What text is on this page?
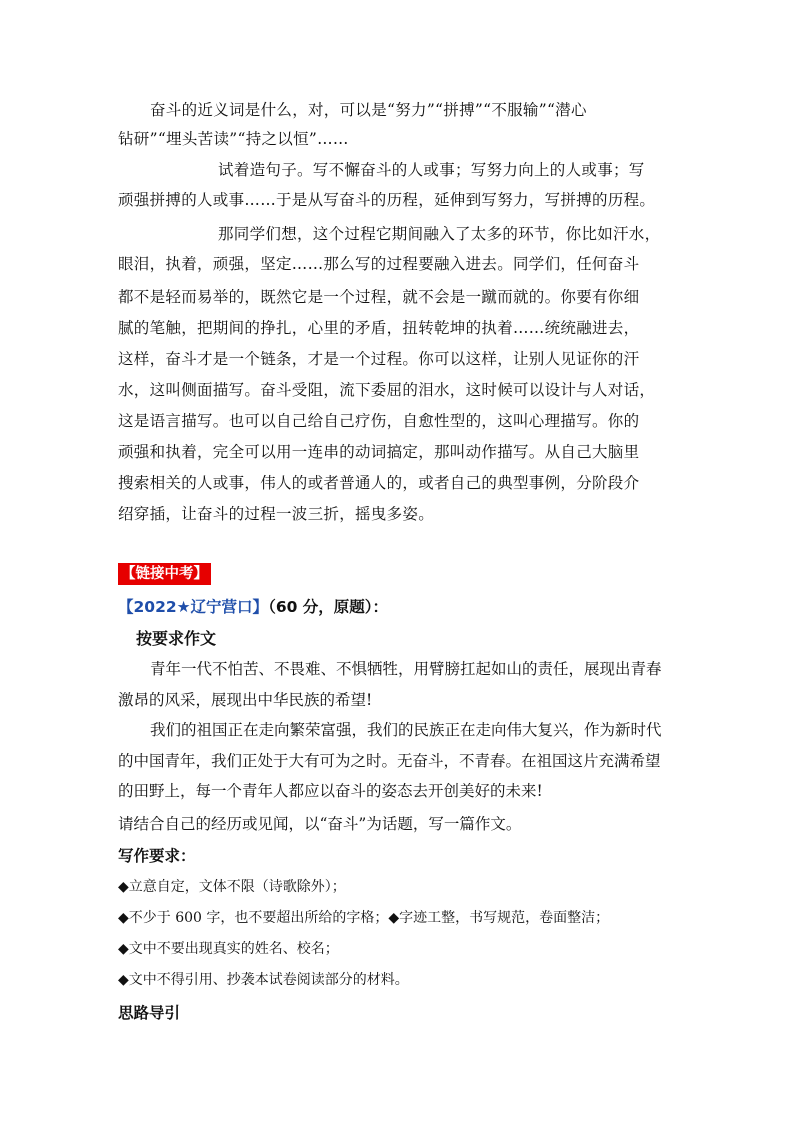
奋斗的近义词是什么，对，可以是“努力”“拼搏”“不服输”“潜心
钻研”“埋头苦读”“持之以恒”……
试着造句子。写不懈奋斗的人或事；写努力向上的人或事；写
顽强拼搏的人或事……于是从写奋斗的历程，延伸到写努力，写拼搏的历程。
那同学们想，这个过程它期间融入了太多的环节，你比如汗水，
眼泪，执着，顽强，坚定……那么写的过程要融入进去。同学们，任何奋斗
都不是轻而易举的，既然它是一个过程，就不会是一蹴而就的。你要有你细
腻的笔触，把期间的挣扎，心里的矛盾，扭转乾坤的执着……统统融进去，
这样，奋斗才是一个链条，才是一个过程。你可以这样，让别人见证你的汗
水，这叫侧面描写。奋斗受阻，流下委屈的泪水，这时候可以设计与人对话，
这是语言描写。也可以自己给自己疗伤，自愈性型的，这叫心理描写。你的
顽强和执着，完全可以用一连串的动词搞定，那叫动作描写。从自己大脑里
搜索相关的人或事，伟人的或者普通人的，或者自己的典型事例，分阶段介
绍穿插，让奋斗的过程一波三折，摇曳多姿。
【链接中考】
【2022★辽宁营口】（60 分，原题）：
按要求作文
青年一代不怕苦、不畏难、不惧牺牲，用臂膀扛起如山的责任，展现出青春
激昂的风采，展现出中华民族的希望!
我们的祖国正在走向繁荣富强，我们的民族正在走向伟大复兴，作为新时代
的中国青年，我们正处于大有可为之时。无奋斗，不青春。在祖国这片充满希望
的田野上，每一个青年人都应以奋斗的姿态去开创美好的未来!
请结合自己的经历或见闻，以“奋斗”为话题，写一篇作文。
写作要求：
◆立意自定，文体不限（诗歌除外）；
◆不少于 600 字，也不要超出所给的字格；◆字迹工整，书写规范，卷面整洁；
◆文中不要出现真实的姓名、校名；
◆文中不得引用、抄袭本试卷阅读部分的材料。
思路导引
